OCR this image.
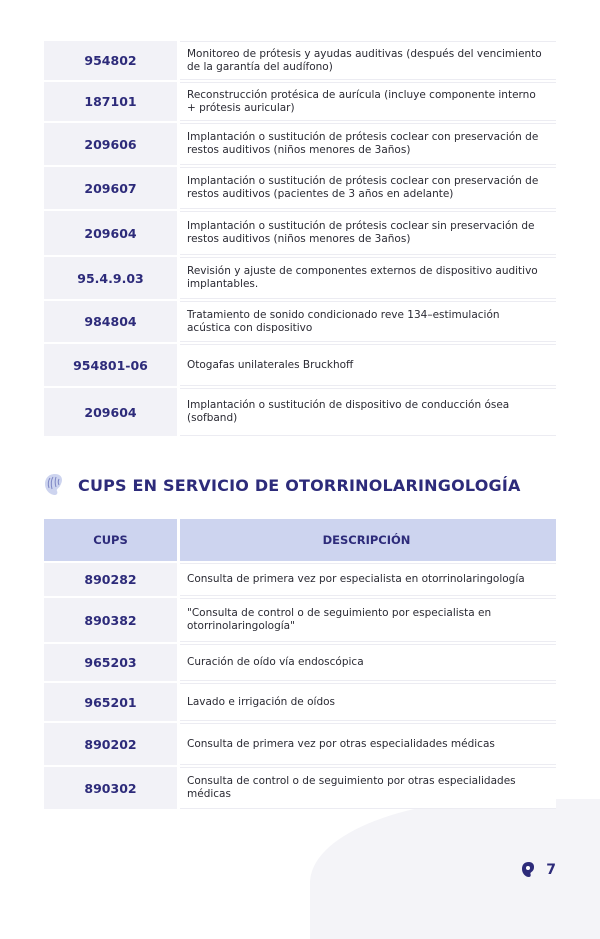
954802	Monitoreo de prótesis y ayudas auditivas (después del vencimiento de la garantía del audífono)
187101	Reconstrucción protésica de aurícula (incluye componente interno + prótesis auricular)
209606	Implantación o sustitución de prótesis coclear con preservación de restos auditivos (niños menores de 3años)
209607	Implantación o sustitución de prótesis coclear con preservación de restos auditivos (pacientes de 3 años en adelante)
209604	Implantación o sustitución de prótesis coclear sin preservación de restos auditivos (niños menores de 3años)
95.4.9.03	Revisión y ajuste de componentes externos de dispositivo auditivo implantables.
984804	Tratamiento de sonido condicionado reve 134–estimulación acústica con dispositivo
954801-06	Otogafas unilaterales Bruckhoff
209604	Implantación o sustitución de dispositivo de conducción ósea (sofband)
CUPS EN SERVICIO DE OTORRINOLARINGOLOGÍA
CUPS	DESCRIPCIÓN
890282	Consulta de primera vez por especialista en otorrinolaringología
890382	"Consulta de control o de seguimiento por especialista en otorrinolaringología"
965203	Curación de oído vía endoscópica
965201	Lavado e irrigación de oídos
890202	Consulta de primera vez por otras especialidades médicas
890302	Consulta de control o de seguimiento por otras especialidades médicas
7
